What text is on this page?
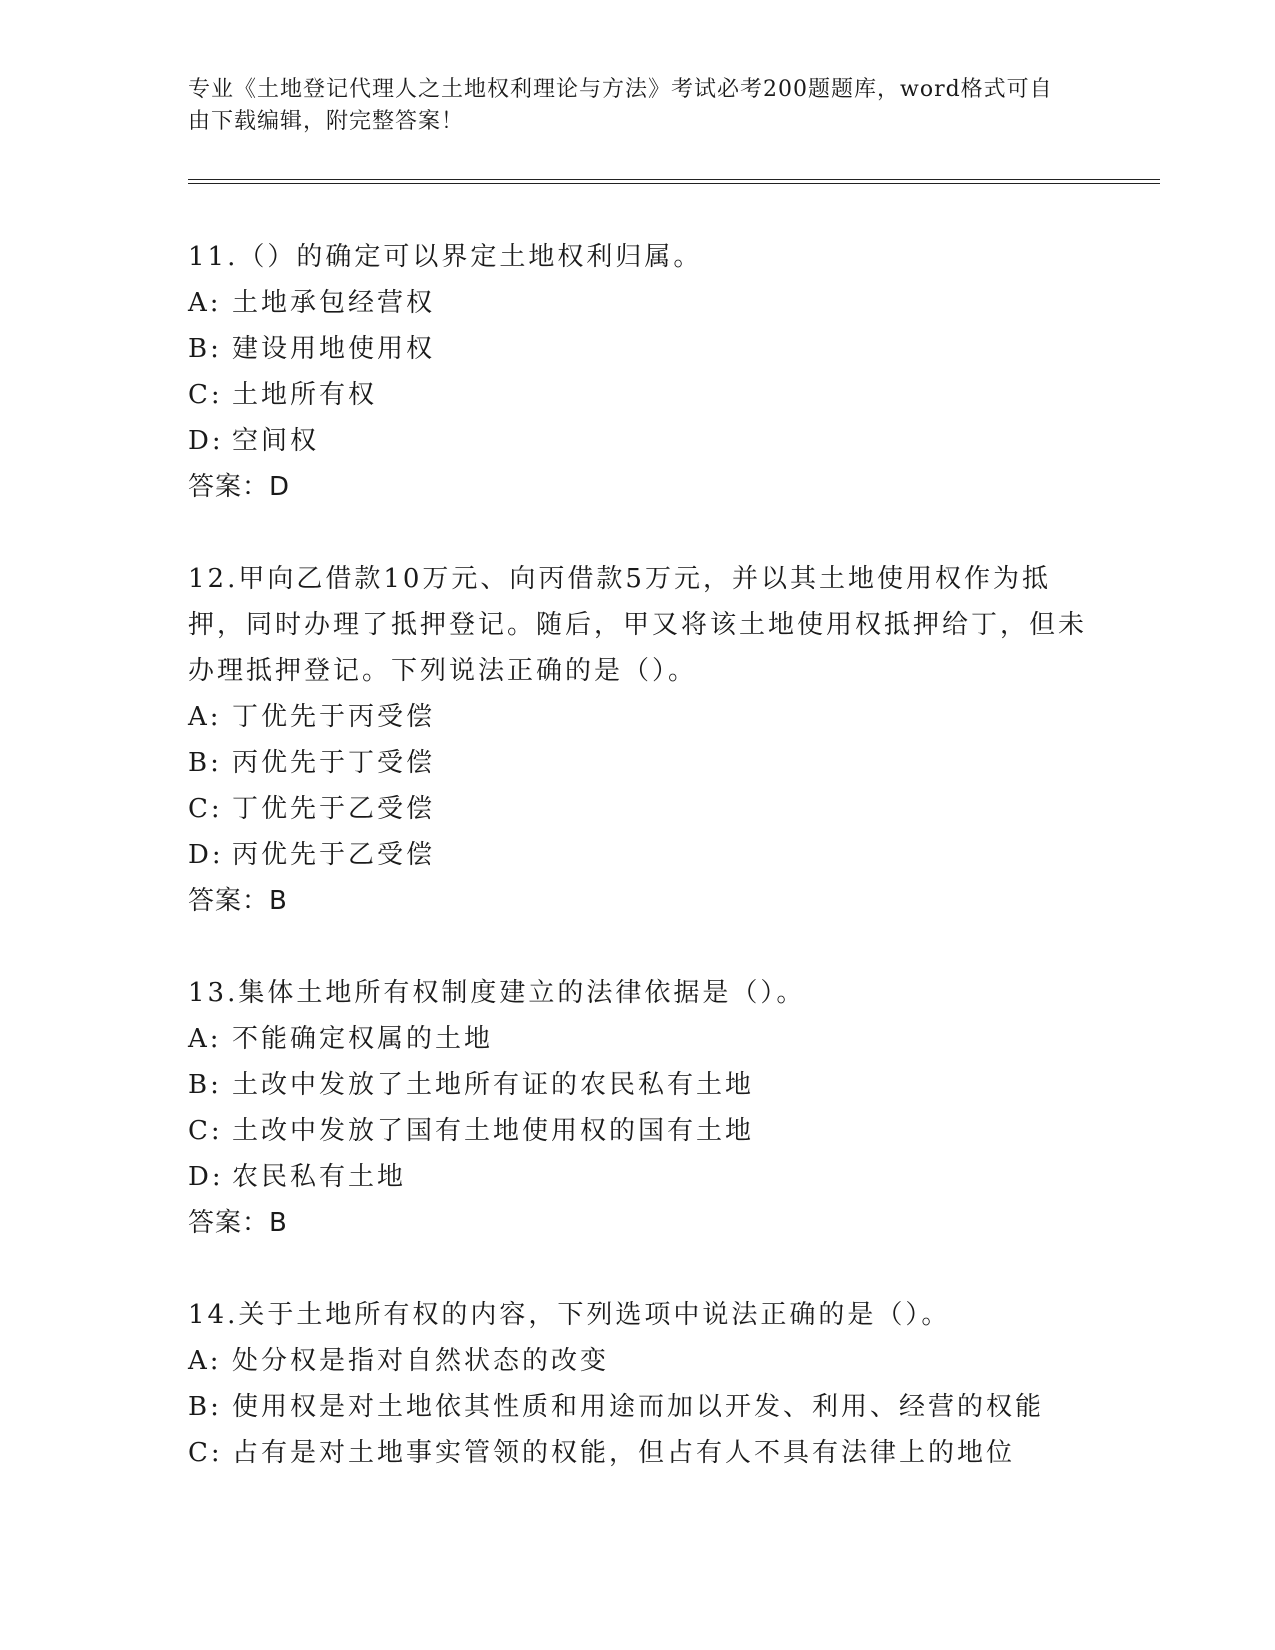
专业《土地登记代理人之土地权利理论与方法》考试必考200题题库，word格式可自由下载编辑，附完整答案！

11.（）的确定可以界定土地权利归属。

A: 土地承包经营权
B: 建设用地使用权
C: 土地所有权
D: 空间权
答案：D

12.甲向乙借款10万元、向丙借款5万元，并以其土地使用权作为抵押，同时办理了抵押登记。随后，甲又将该土地使用权抵押给丁，但未办理抵押登记。下列说法正确的是（）。

A: 丁优先于丙受偿
B: 丙优先于丁受偿
C: 丁优先于乙受偿
D: 丙优先于乙受偿
答案：B

13.集体土地所有权制度建立的法律依据是（）。

A: 不能确定权属的土地
B: 土改中发放了土地所有证的农民私有土地
C: 土改中发放了国有土地使用权的国有土地
D: 农民私有土地
答案：B

14.关于土地所有权的内容，下列选项中说法正确的是（）。

A: 处分权是指对自然状态的改变
B: 使用权是对土地依其性质和用途而加以开发、利用、经营的权能
C: 占有是对土地事实管领的权能，但占有人不具有法律上的地位
